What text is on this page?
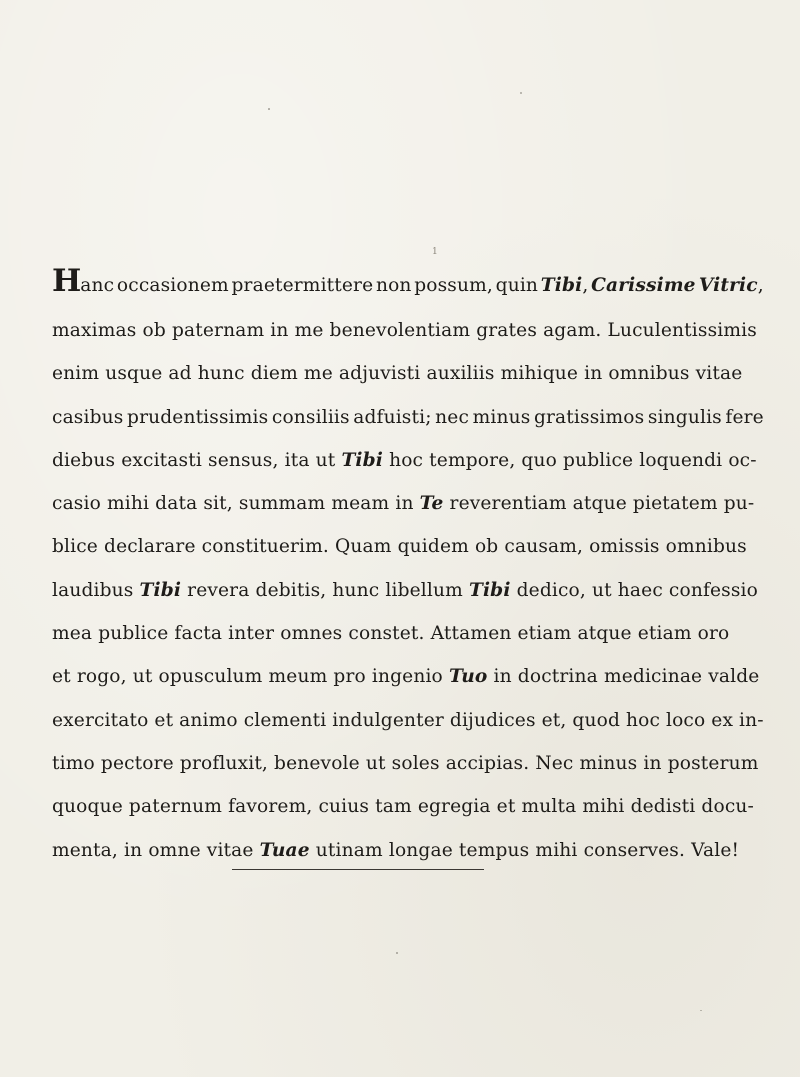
1
Hanc occasionem praetermittere non possum, quin Tibi, Carissime Vitric,
maximas ob paternam in me benevolentiam grates agam. Luculentissimis
enim usque ad hunc diem me adjuvisti auxiliis mihique in omnibus vitae
casibus prudentissimis consiliis adfuisti; nec minus gratissimos singulis fere
diebus excitasti sensus, ita ut Tibi hoc tempore, quo publice loquendi oc-
casio mihi data sit, summam meam in Te reverentiam atque pietatem pu-
blice declarare constituerim. Quam quidem ob causam, omissis omnibus
laudibus Tibi revera debitis, hunc libellum Tibi dedico, ut haec confessio
mea publice facta inter omnes constet. Attamen etiam atque etiam oro
et rogo, ut opusculum meum pro ingenio Tuo in doctrina medicinae valde
exercitato et animo clementi indulgenter dijudices et, quod hoc loco ex in-
timo pectore profluxit, benevole ut soles accipias. Nec minus in posterum
quoque paternum favorem, cuius tam egregia et multa mihi dedisti docu-
menta, in omne vitae Tuae utinam longae tempus mihi conserves. Vale!
